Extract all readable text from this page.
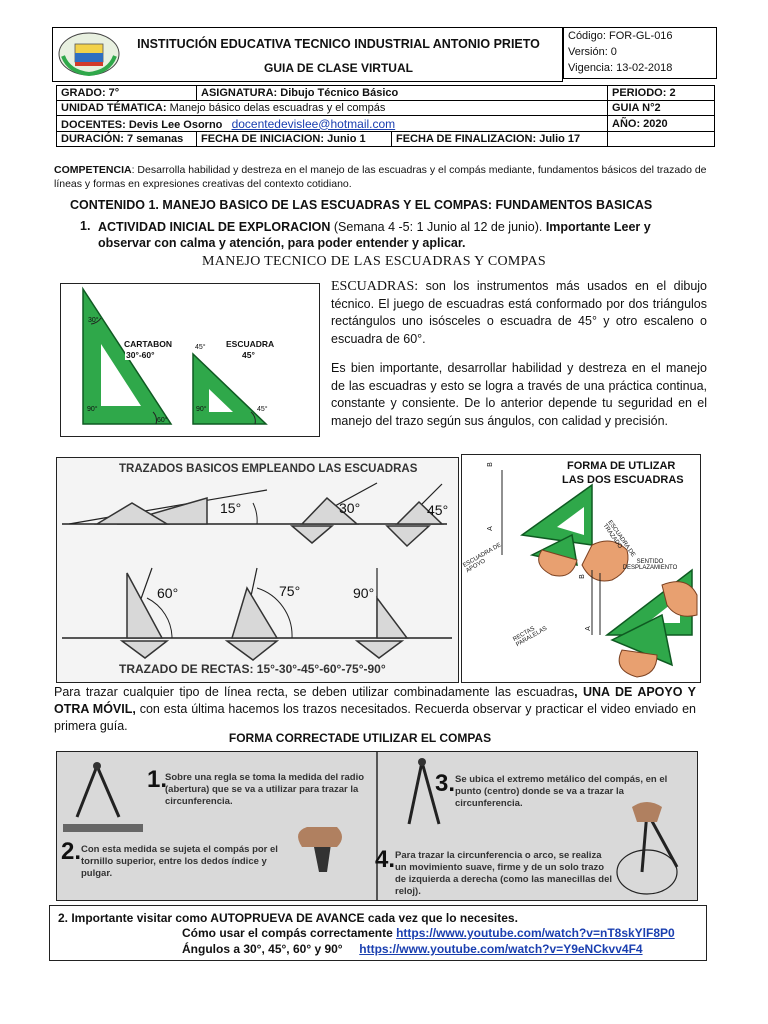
INSTITUCIÓN EDUCATIVA TECNICO INDUSTRIAL ANTONIO PRIETO
GUIA DE CLASE VIRTUAL
Código: FOR-GL-016
Versión: 0
Vigencia: 13-02-2018
GRADO: 7°	ASIGNATURA: Dibujo Técnico Básico		PERIODO: 2
UNIDAD TÉMATICA: Manejo básico delas escuadras y el compás			GUIA N°2
DOCENTES: Devis Lee Osorno docentedevislee@hotmail.com			AÑO: 2020
DURACIÓN: 7 semanas	FECHA DE INICIACION: Junio 1	FECHA DE FINALIZACION: Julio 17	

COMPETENCIA: Desarrolla habilidad y destreza en el manejo de las escuadras y el compás mediante, fundamentos básicos del trazado de líneas y formas en expresiones creativas del contexto cotidiano.

CONTENIDO 1. MANEJO BASICO DE LAS ESCUADRAS Y EL COMPAS: FUNDAMENTOS BASICAS
1. ACTIVIDAD INICIAL DE EXPLORACION (Semana 4 -5: 1 Junio al 12 de junio). Importante Leer y observar con calma y atención, para poder entender y aplicar.

MANEJO TECNICO DE LAS ESCUADRAS Y COMPAS
CARTABON
30°-60°
30°
90°
60°
ESCUADRA
45°
45°
90°	45°

ESCUADRAS: son los instrumentos más usados en el dibujo técnico. El juego de escuadras está conformado por dos triángulos rectángulos uno isósceles o escuadra de 45° y otro escaleno o escuadra de 60°.

Es bien importante, desarrollar habilidad y destreza en el manejo de las escuadras y esto se logra a través de una práctica continua, constante y consiente. De lo anterior depende tu seguridad en el manejo del trazo según sus ángulos, con calidad y precisión.

TRAZADOS BASICOS EMPLEANDO LAS ESCUADRAS
15°	30°	45°
60°	75°	90°
TRAZADO DE RECTAS: 15°-30°-45°-60°-75°-90°
FORMA DE UTLIZAR
LAS DOS ESCUADRAS
B
A
ESCUADRA DE APOYO
ESCUADRA DE TRAZADO
SENTIDO DESPLAZAMIENTO
B
A
RECTAS PARALELAS

Para trazar cualquier tipo de línea recta, se deben utilizar combinadamente las escuadras, UNA DE APOYO Y OTRA MÓVIL, con esta última hacemos los trazos necesitados. Recuerda observar y practicar el video enviado en primera guía.

FORMA CORRECTADE UTILIZAR EL COMPAS
1.
Sobre una regla se toma la medida del radio (abertura) que se va a utilizar para trazar la circunferencia.
2. Con esta medida se sujeta el compás por el tornillo superior, entre los dedos índice y pulgar.
3. Se ubica el extremo metálico del compás, en el punto (centro) donde se va a trazar la circunferencia.
4. Para trazar la circunferencia o arco, se realiza un movimiento suave, firme y de un solo trazo de izquierda a derecha (como las manecillas del reloj).

2. Importante visitar como AUTOPRUEVA DE AVANCE cada vez que lo necesites.

Cómo usar el compás correctamente https://www.youtube.com/watch?v=nT8skYlF8P0

Ángulos a 30°, 45°, 60° y 90° https://www.youtube.com/watch?v=Y9eNCkvv4F4
